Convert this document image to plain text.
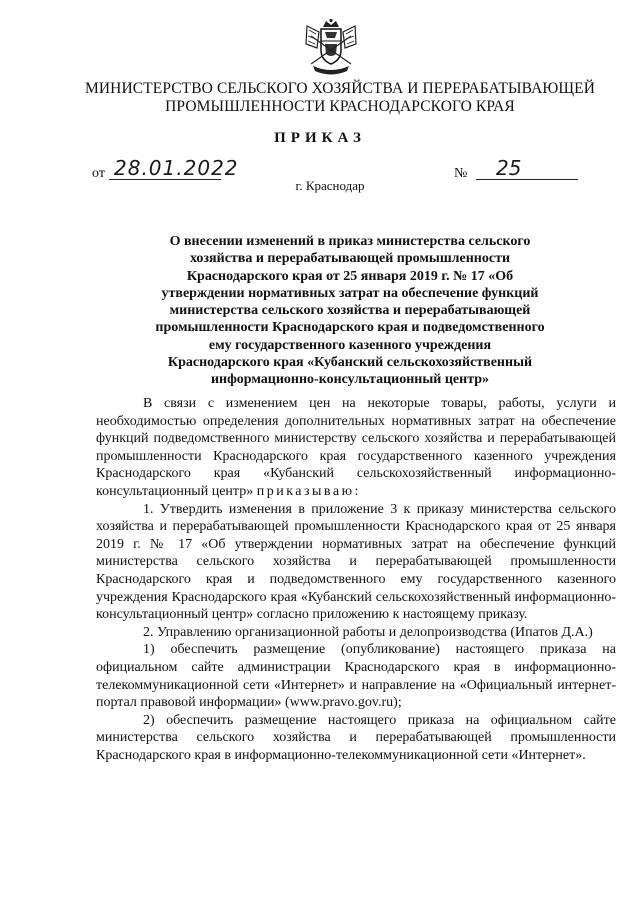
МИНИСТЕРСТВО СЕЛЬСКОГО ХОЗЯЙСТВА И ПЕРЕРАБАТЫВАЮЩЕЙ
ПРОМЫШЛЕННОСТИ КРАСНОДАРСКОГО КРАЯ
ПРИКАЗ
от 28.01.2022	№ 25
г. Краснодар
О внесении изменений в приказ министерства сельского
хозяйства и перерабатывающей промышленности
Краснодарского края от 25 января 2019 г. № 17 «Об
утверждении нормативных затрат на обеспечение функций
министерства сельского хозяйства и перерабатывающей
промышленности Краснодарского края и подведомственного
ему государственного казенного учреждения
Краснодарского края «Кубанский сельскохозяйственный
информационно-консультационный центр»

В связи с изменением цен на некоторые товары, работы, услуги и необходимостью определения дополнительных нормативных затрат на обеспечение функций подведомственного министерству сельского хозяйства и перерабатывающей промышленности Краснодарского края государственного казенного учреждения Краснодарского края «Кубанский сельскохозяйственный информационно-консультационный центр» приказываю:

1. Утвердить изменения в приложение 3 к приказу министерства сельского хозяйства и перерабатывающей промышленности Краснодарского края от 25 января 2019 г. № 17 «Об утверждении нормативных затрат на обеспечение функций министерства сельского хозяйства и перерабатывающей промышленности Краснодарского края и подведомственного ему государственного казенного учреждения Краснодарского края «Кубанский сельскохозяйственный информационно-консультационный центр» согласно приложению к настоящему приказу.

2. Управлению организационной работы и делопроизводства (Ипатов Д.А.)

1) обеспечить размещение (опубликование) настоящего приказа на официальном сайте администрации Краснодарского края в информационно-телекоммуникационной сети «Интернет» и направление на «Официальный интернет-портал правовой информации» (www.pravo.gov.ru);

2) обеспечить размещение настоящего приказа на официальном сайте министерства сельского хозяйства и перерабатывающей промышленности Краснодарского края в информационно-телекоммуникационной сети «Интернет».
